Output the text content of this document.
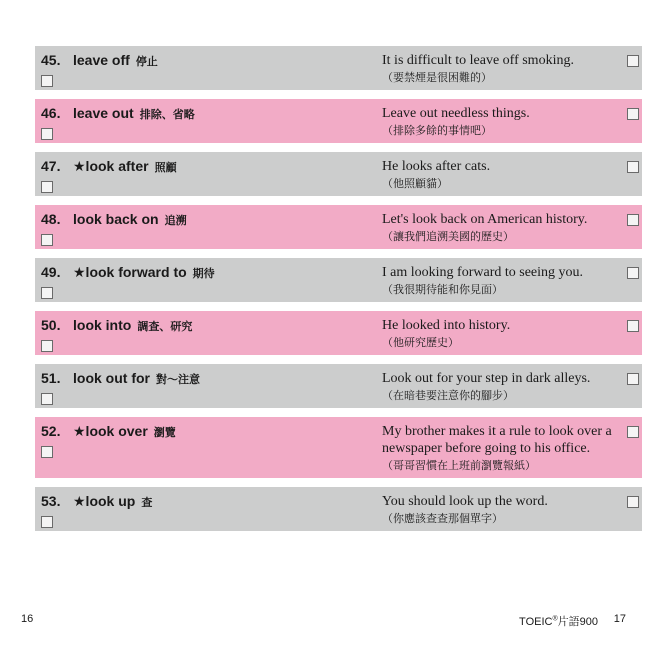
45. leave off 停止	It is difficult to leave off smoking.
（要禁煙是很困難的）
46. leave out 排除、省略	Leave out needless things.
（排除多餘的事情吧）
47. ★look after 照顧	He looks after cats.
（他照顧貓）
48. look back on 追溯	Let's look back on American history.
（讓我們追溯美國的歷史）
49. ★look forward to 期待	I am looking forward to seeing you.
（我很期待能和你見面）
50. look into 調查、研究	He looked into history.
（他研究歷史）
51. look out for 對～注意	Look out for your step in dark alleys.
（在暗巷要注意你的腳步）
52. ★look over 瀏覽	My brother makes it a rule to look over a newspaper before going to his office.
（哥哥習慣在上班前瀏覽報紙）
53. ★look up 查	You should look up the word.
（你應該查查那個單字）
16	TOEIC®片語900 17
